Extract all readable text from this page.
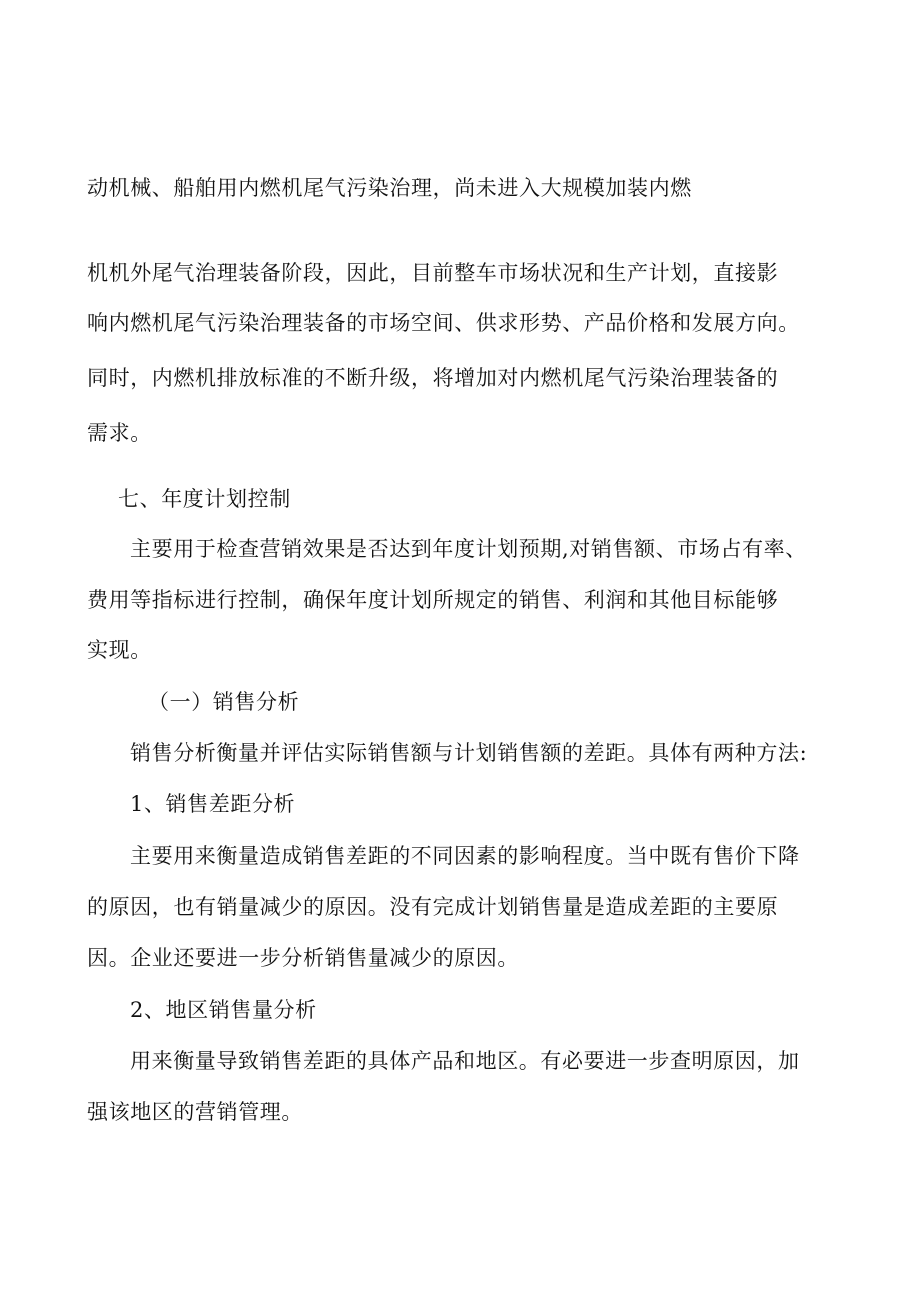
动机械、船舶用内燃机尾气污染治理，尚未进入大规模加装内燃
机机外尾气治理装备阶段，因此，目前整车市场状况和生产计划，直接影
响内燃机尾气污染治理装备的市场空间、供求形势、产品价格和发展方向。
同时，内燃机排放标准的不断升级，将增加对内燃机尾气污染治理装备的
需求。
七、年度计划控制
主要用于检查营销效果是否达到年度计划预期,对销售额、市场占有率、
费用等指标进行控制，确保年度计划所规定的销售、利润和其他目标能够
实现。
（一）销售分析
销售分析衡量并评估实际销售额与计划销售额的差距。具体有两种方法:
1、销售差距分析
主要用来衡量造成销售差距的不同因素的影响程度。当中既有售价下降
的原因，也有销量减少的原因。没有完成计划销售量是造成差距的主要原
因。企业还要进一步分析销售量减少的原因。
2、地区销售量分析
用来衡量导致销售差距的具体产品和地区。有必要进一步查明原因，加
强该地区的营销管理。
